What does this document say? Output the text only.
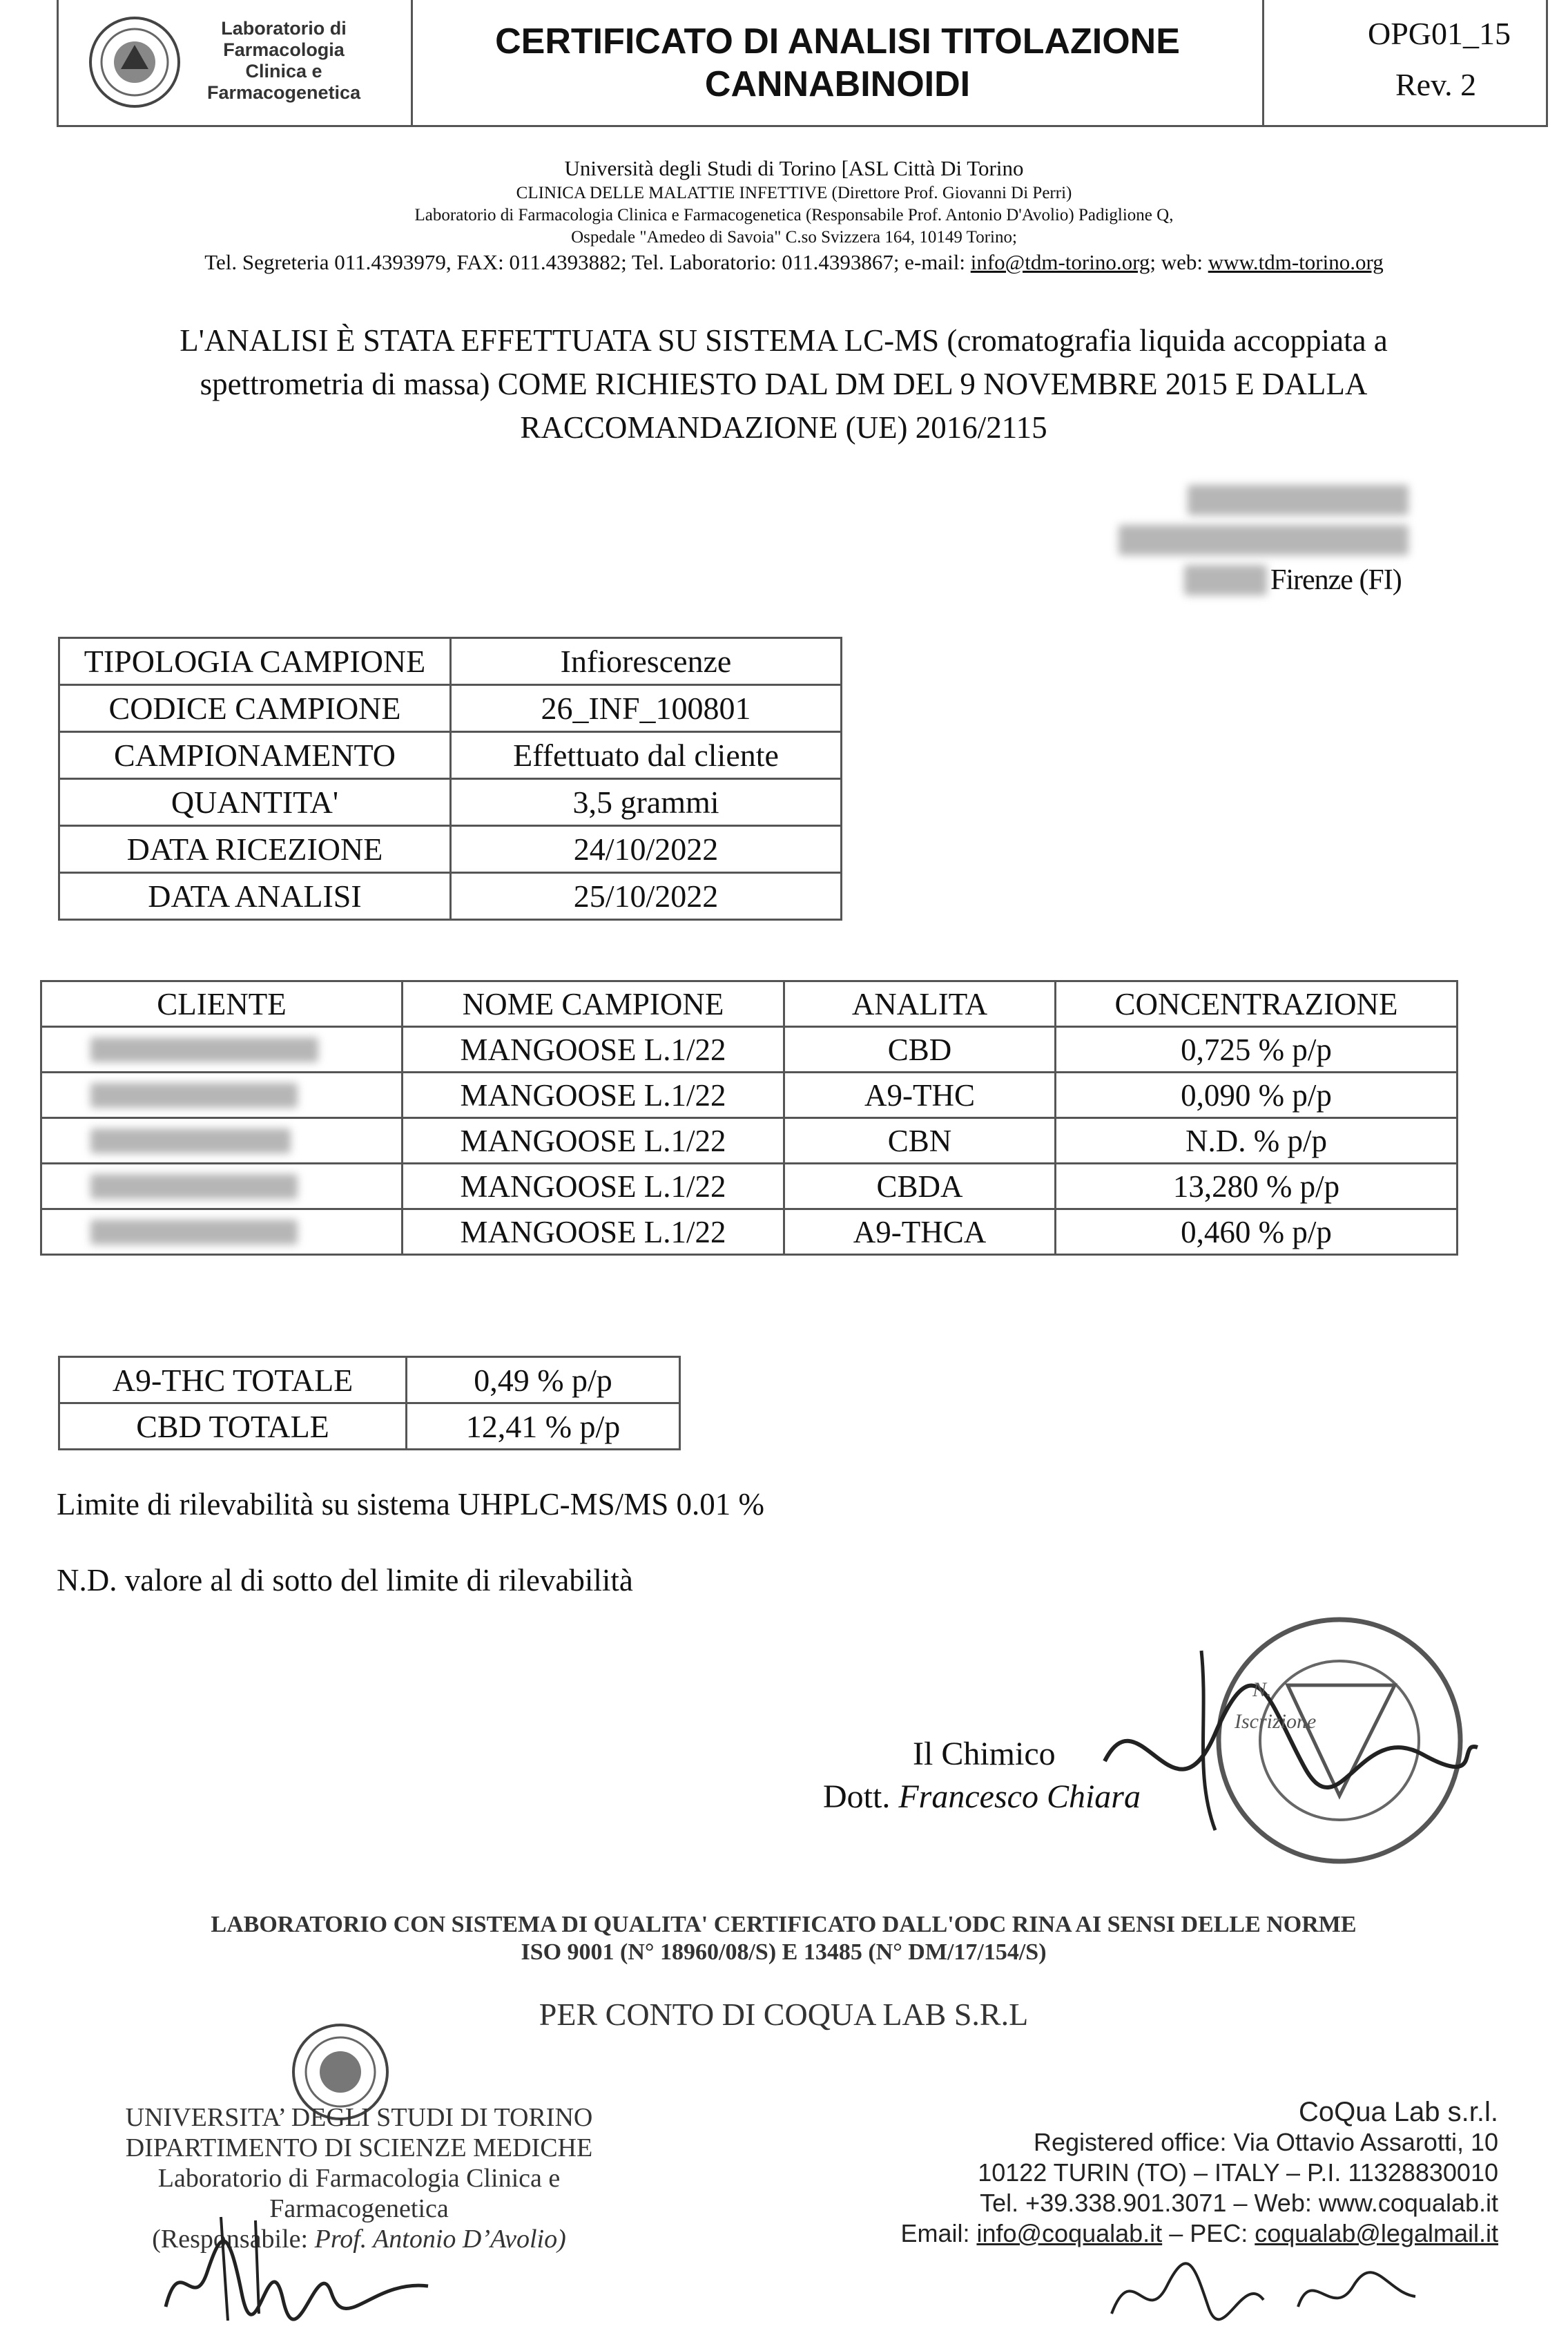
Laboratorio di
Farmacologia
Clinica e
Farmacogenetica
CERTIFICATO DI ANALISI TITOLAZIONE
CANNABINOIDI
OPG01_15
Rev. 2
Università degli Studi di Torino [ASL Città Di Torino
CLINICA DELLE MALATTIE INFETTIVE (Direttore Prof. Giovanni Di Perri)
Laboratorio di Farmacologia Clinica e Farmacogenetica (Responsabile Prof. Antonio D'Avolio) Padiglione Q,
Ospedale "Amedeo di Savoia" C.so Svizzera 164, 10149 Torino;
Tel. Segreteria 011.4393979, FAX: 011.4393882; Tel. Laboratorio: 011.4393867; e-mail: info@tdm-torino.org; web: www.tdm-torino.org
L'ANALISI È STATA EFFETTUATA SU SISTEMA LC-MS (cromatografia liquida accoppiata a spettrometria di massa) COME RICHIESTO DAL DM DEL 9 NOVEMBRE 2015 E DALLA RACCOMANDAZIONE (UE) 2016/2115
Firenze (FI)
TIPOLOGIA CAMPIONE	Infiorescenze
CODICE CAMPIONE	26_INF_100801
CAMPIONAMENTO	Effettuato dal cliente
QUANTITA'	3,5 grammi
DATA RICEZIONE	24/10/2022
DATA ANALISI	25/10/2022
CLIENTE	NOME CAMPIONE	ANALITA	CONCENTRAZIONE

	MANGOOSE L.1/22	CBD	0,725 % p/p

	MANGOOSE L.1/22	A9-THC	0,090 % p/p

	MANGOOSE L.1/22	CBN	N.D. % p/p

	MANGOOSE L.1/22	CBDA	13,280 % p/p

	MANGOOSE L.1/22	A9-THCA	0,460 % p/p
A9-THC TOTALE	0,49 % p/p
CBD TOTALE	12,41 % p/p
Limite di rilevabilità su sistema UHPLC-MS/MS 0.01 %
N.D. valore al di sotto del limite di rilevabilità
Il Chimico
Dott. Francesco Chiara
N.
Iscrizione
LABORATORIO CON SISTEMA DI QUALITA' CERTIFICATO DALL'ODC RINA AI SENSI DELLE NORME
ISO 9001 (N° 18960/08/S) E 13485 (N° DM/17/154/S)
PER CONTO DI COQUA LAB S.R.L
UNIVERSITA’ DEGLI STUDI DI TORINO
DIPARTIMENTO DI SCIENZE MEDICHE
Laboratorio di Farmacologia Clinica e Farmacogenetica
(Responsabile: Prof. Antonio D’Avolio)
CoQua Lab s.r.l.
Registered office: Via Ottavio Assarotti, 10
10122 TURIN (TO) – ITALY – P.I. 11328830010
Tel. +39.338.901.3071 – Web: www.coqualab.it
Email: info@coqualab.it – PEC: coqualab@legalmail.it
